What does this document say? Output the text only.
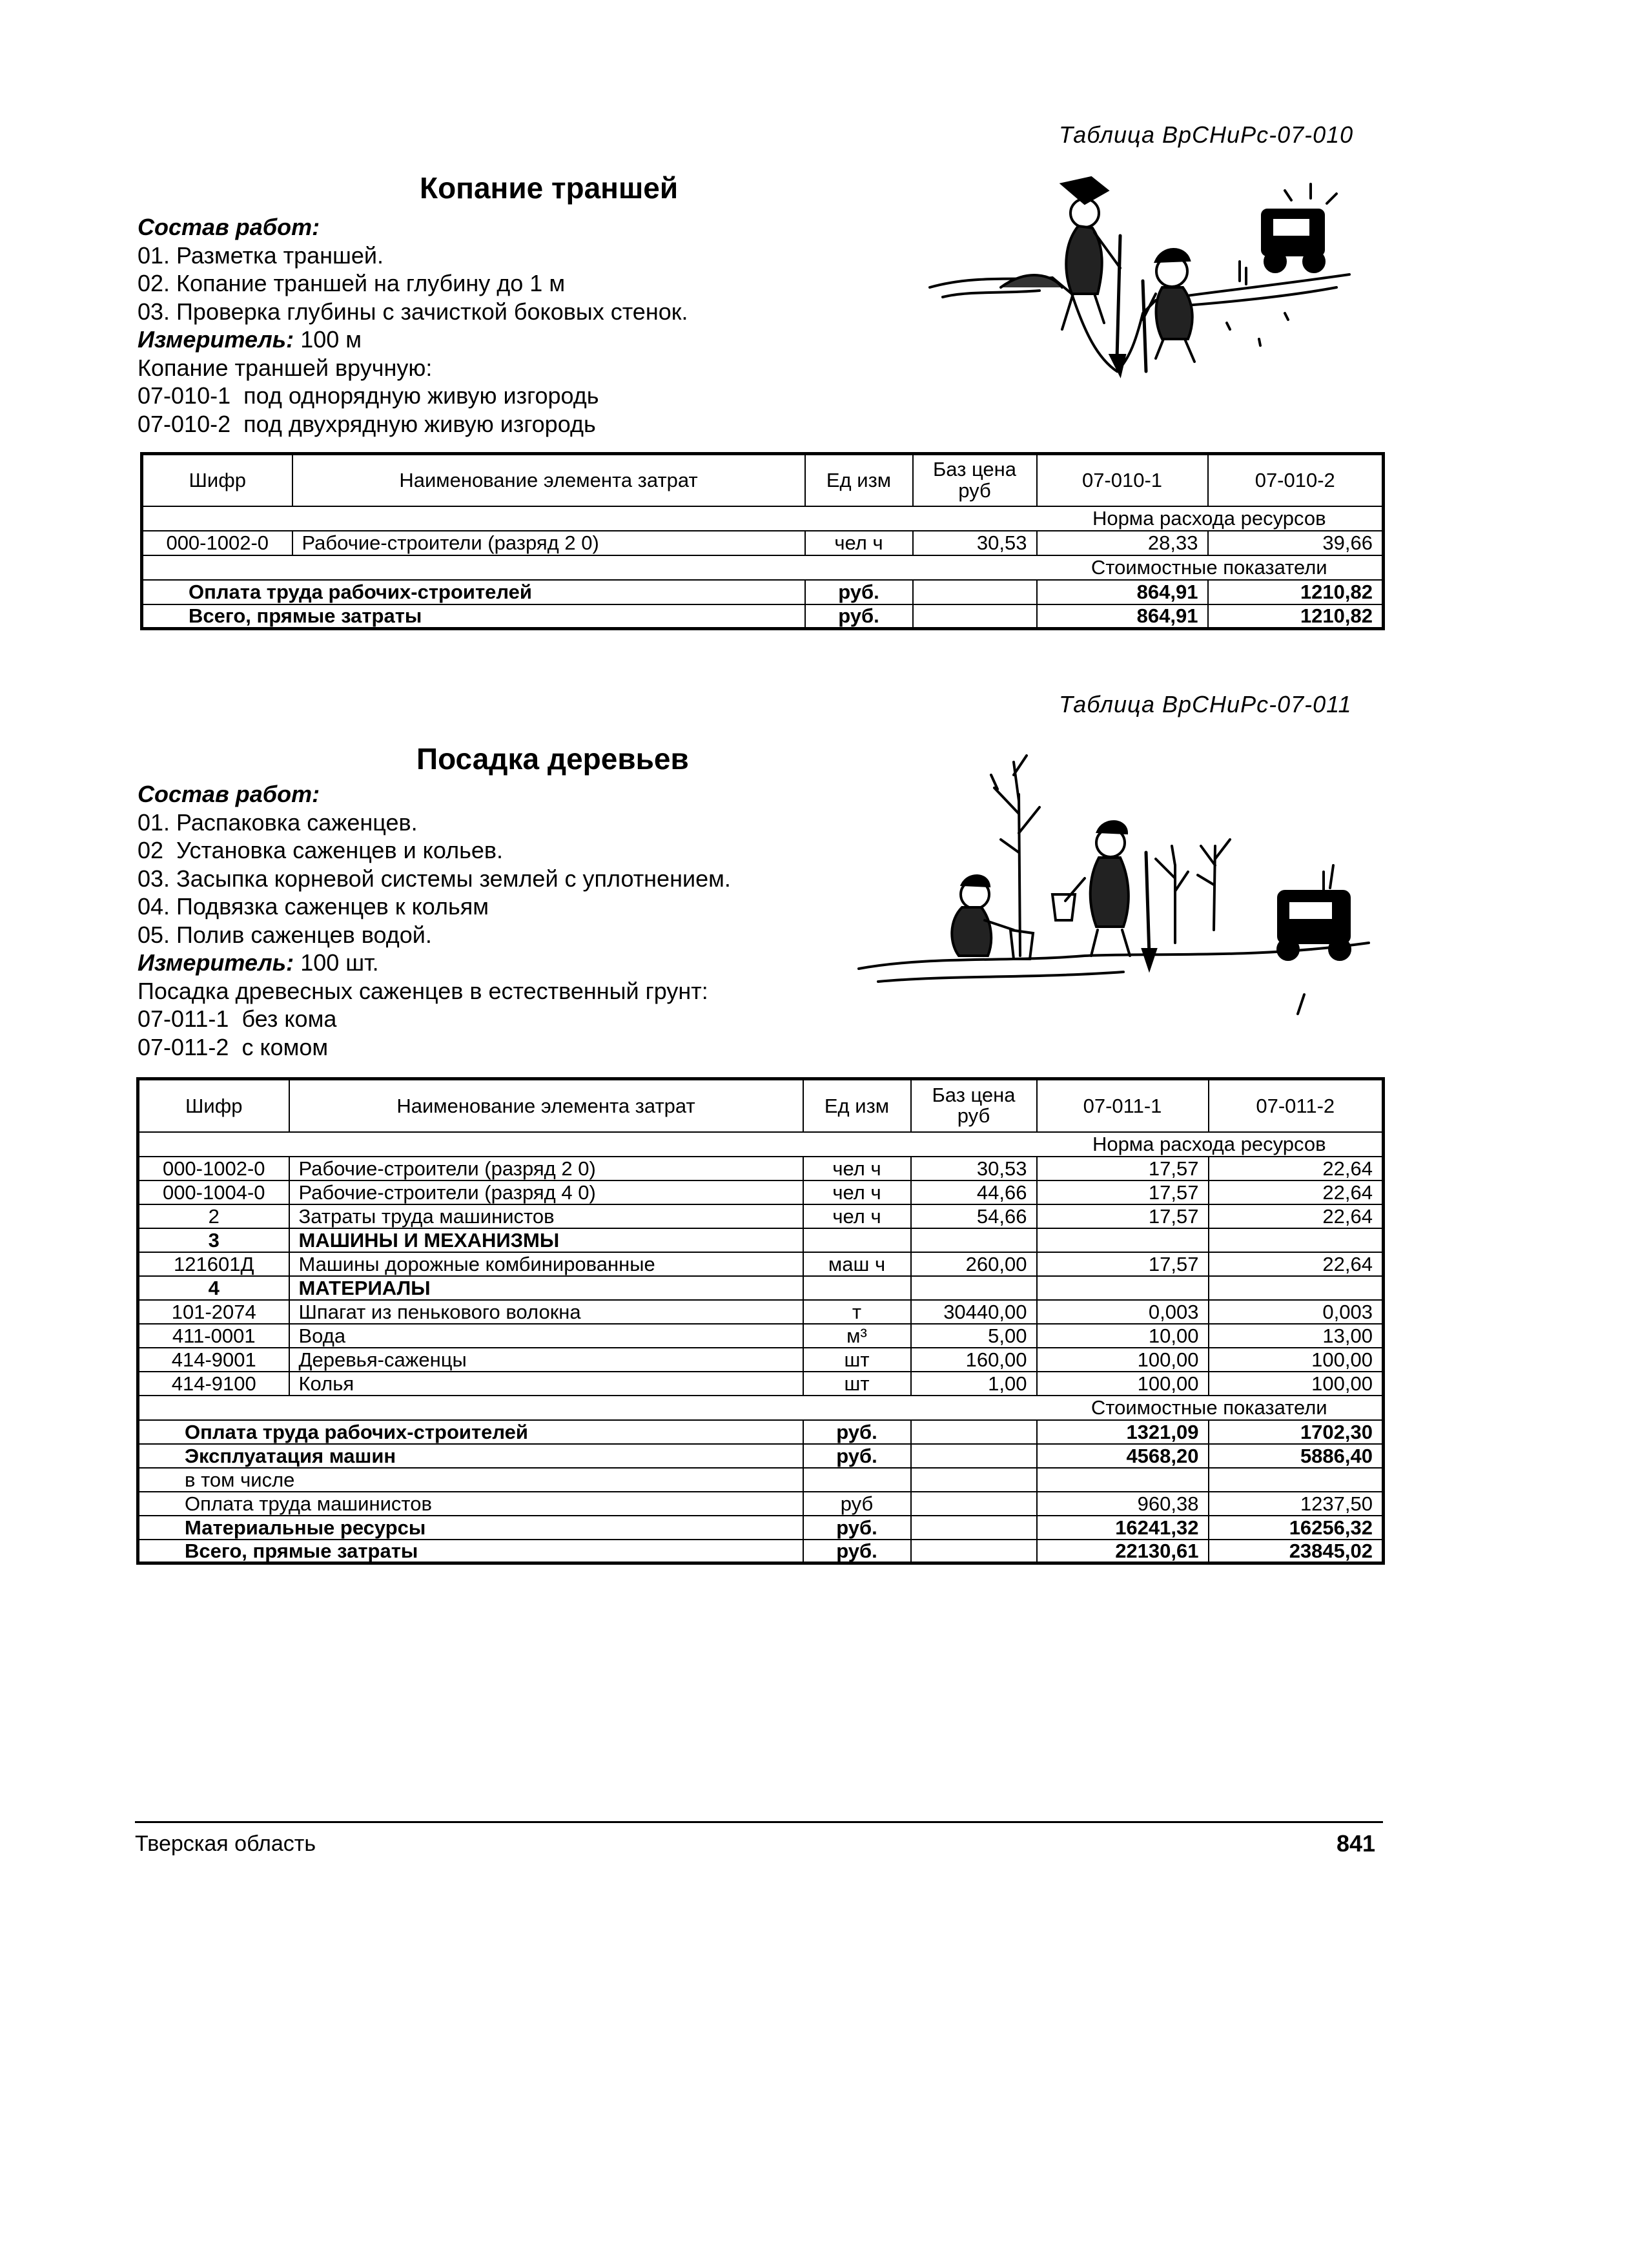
Таблица ВрСНиРс-07-010
Копание траншей
Состав работ:
01. Разметка траншей.
02. Копание траншей на глубину до 1 м
03. Проверка глубины с зачисткой боковых стенок.
Измеритель: 100 м
Копание траншей вручную:
07-010-1  под однорядную живую изгородь
07-010-2  под двухрядную живую изгородь
Шифр	Наименование элемента затрат	Ед изм	Баз цена руб	07-010-1	07-010-2
				Норма расхода ресурсов	
000-1002-0	Рабочие-строители (разряд 2 0)	чел ч	30,53	28,33	39,66
				Стоимостные показатели	
Оплата труда рабочих-строителей		руб.		864,91	1210,82
Всего, прямые затраты		руб.		864,91	1210,82
Таблица ВрСНиРс-07-011
Посадка деревьев
Состав работ:
01. Распаковка саженцев.
02  Установка саженцев и кольев.
03. Засыпка корневой системы землей с уплотнением.
04. Подвязка саженцев к кольям
05. Полив саженцев водой.
Измеритель: 100 шт.
Посадка древесных саженцев в естественный грунт:
07-011-1  без кома
07-011-2  с комом
Шифр	Наименование элемента затрат	Ед изм	Баз цена руб	07-011-1	07-011-2
				Норма расхода ресурсов	
000-1002-0	Рабочие-строители (разряд 2 0)	чел ч	30,53	17,57	22,64
000-1004-0	Рабочие-строители (разряд 4 0)	чел ч	44,66	17,57	22,64
2	Затраты труда машинистов	чел ч	54,66	17,57	22,64
3	МАШИНЫ И МЕХАНИЗМЫ				
121601Д	Машины дорожные комбинированные	маш ч	260,00	17,57	22,64
4	МАТЕРИАЛЫ				
101-2074	Шпагат из пенькового волокна	т	30440,00	0,003	0,003
411-0001	Вода	м³	5,00	10,00	13,00
414-9001	Деревья-саженцы	шт	160,00	100,00	100,00
414-9100	Колья	шт	1,00	100,00	100,00
				Стоимостные показатели	
Оплата труда рабочих-строителей		руб.		1321,09	1702,30
Эксплуатация машин		руб.		4568,20	5886,40
в том числе					
Оплата труда машинистов		руб		960,38	1237,50
Материальные ресурсы		руб.		16241,32	16256,32
Всего, прямые затраты		руб.		22130,61	23845,02
Тверская область	841
